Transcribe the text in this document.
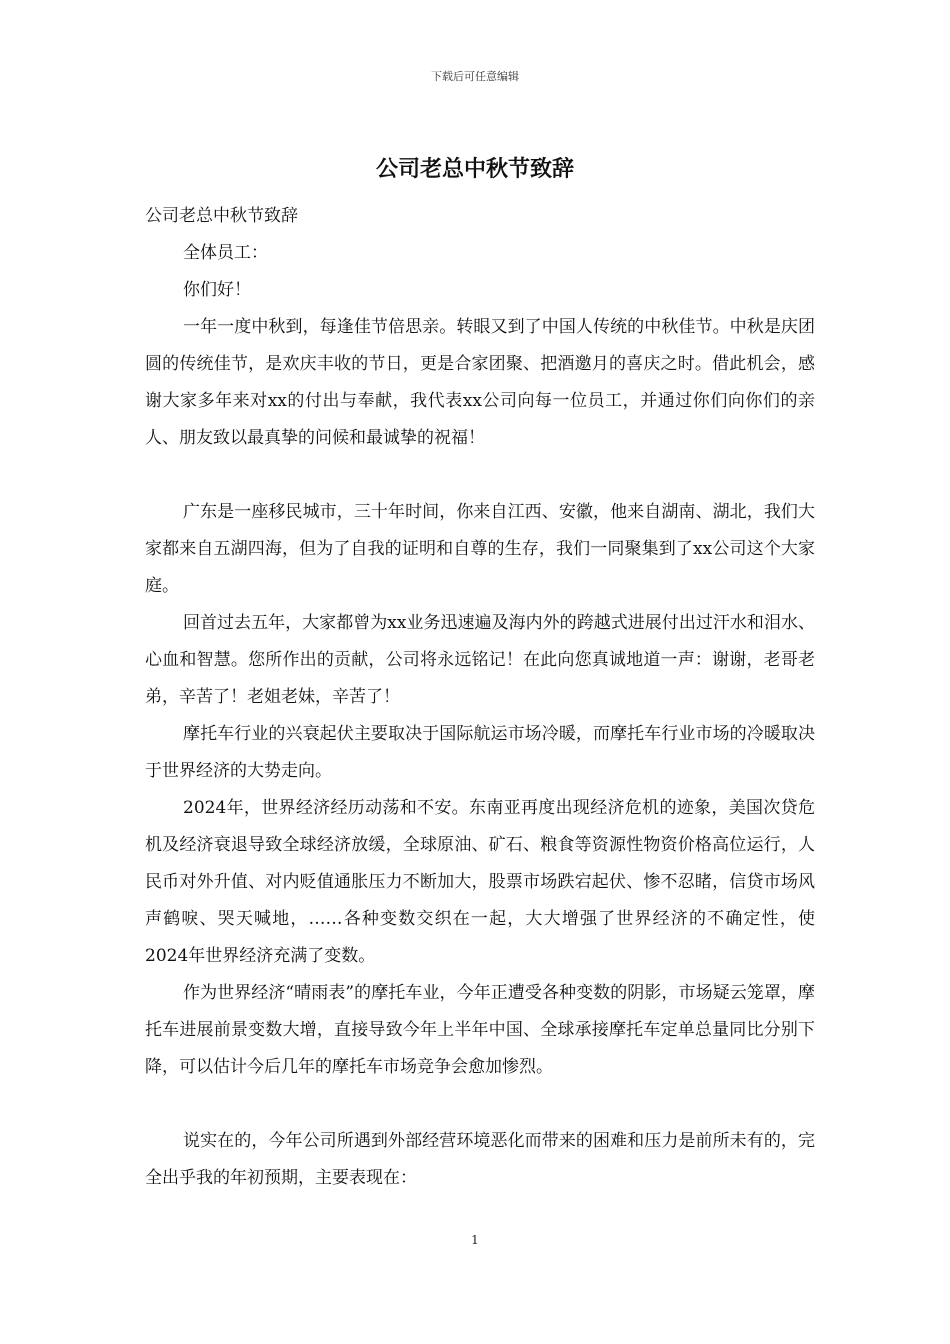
下载后可任意编辑
公司老总中秋节致辞

公司老总中秋节致辞

全体员工：

你们好！

一年一度中秋到，每逢佳节倍思亲。转眼又到了中国人传统的中秋佳节。中秋是庆团圆的传统佳节，是欢庆丰收的节日，更是合家团聚、把酒邀月的喜庆之时。借此机会，感谢大家多年来对xx的付出与奉献，我代表xx公司向每一位员工，并通过你们向你们的亲人、朋友致以最真挚的问候和最诚挚的祝福！

广东是一座移民城市，三十年时间，你来自江西、安徽，他来自湖南、湖北，我们大家都来自五湖四海，但为了自我的证明和自尊的生存，我们一同聚集到了xx公司这个大家庭。

回首过去五年，大家都曾为xx业务迅速遍及海内外的跨越式进展付出过汗水和泪水、心血和智慧。您所作出的贡献，公司将永远铭记！在此向您真诚地道一声：谢谢，老哥老弟，辛苦了！老姐老妹，辛苦了！

摩托车行业的兴衰起伏主要取决于国际航运市场冷暖，而摩托车行业市场的冷暖取决于世界经济的大势走向。

2024年，世界经济经历动荡和不安。东南亚再度出现经济危机的迹象，美国次贷危机及经济衰退导致全球经济放缓，全球原油、矿石、粮食等资源性物资价格高位运行，人民币对外升值、对内贬值通胀压力不断加大，股票市场跌宕起伏、惨不忍睹，信贷市场风声鹤唳、哭天喊地，……各种变数交织在一起，大大增强了世界经济的不确定性，使2024年世界经济充满了变数。

作为世界经济“晴雨表”的摩托车业，今年正遭受各种变数的阴影，市场疑云笼罩，摩托车进展前景变数大增，直接导致今年上半年中国、全球承接摩托车定单总量同比分别下降，可以估计今后几年的摩托车市场竞争会愈加惨烈。

说实在的，今年公司所遇到外部经营环境恶化而带来的困难和压力是前所未有的，完全出乎我的年初预期，主要表现在：

1
